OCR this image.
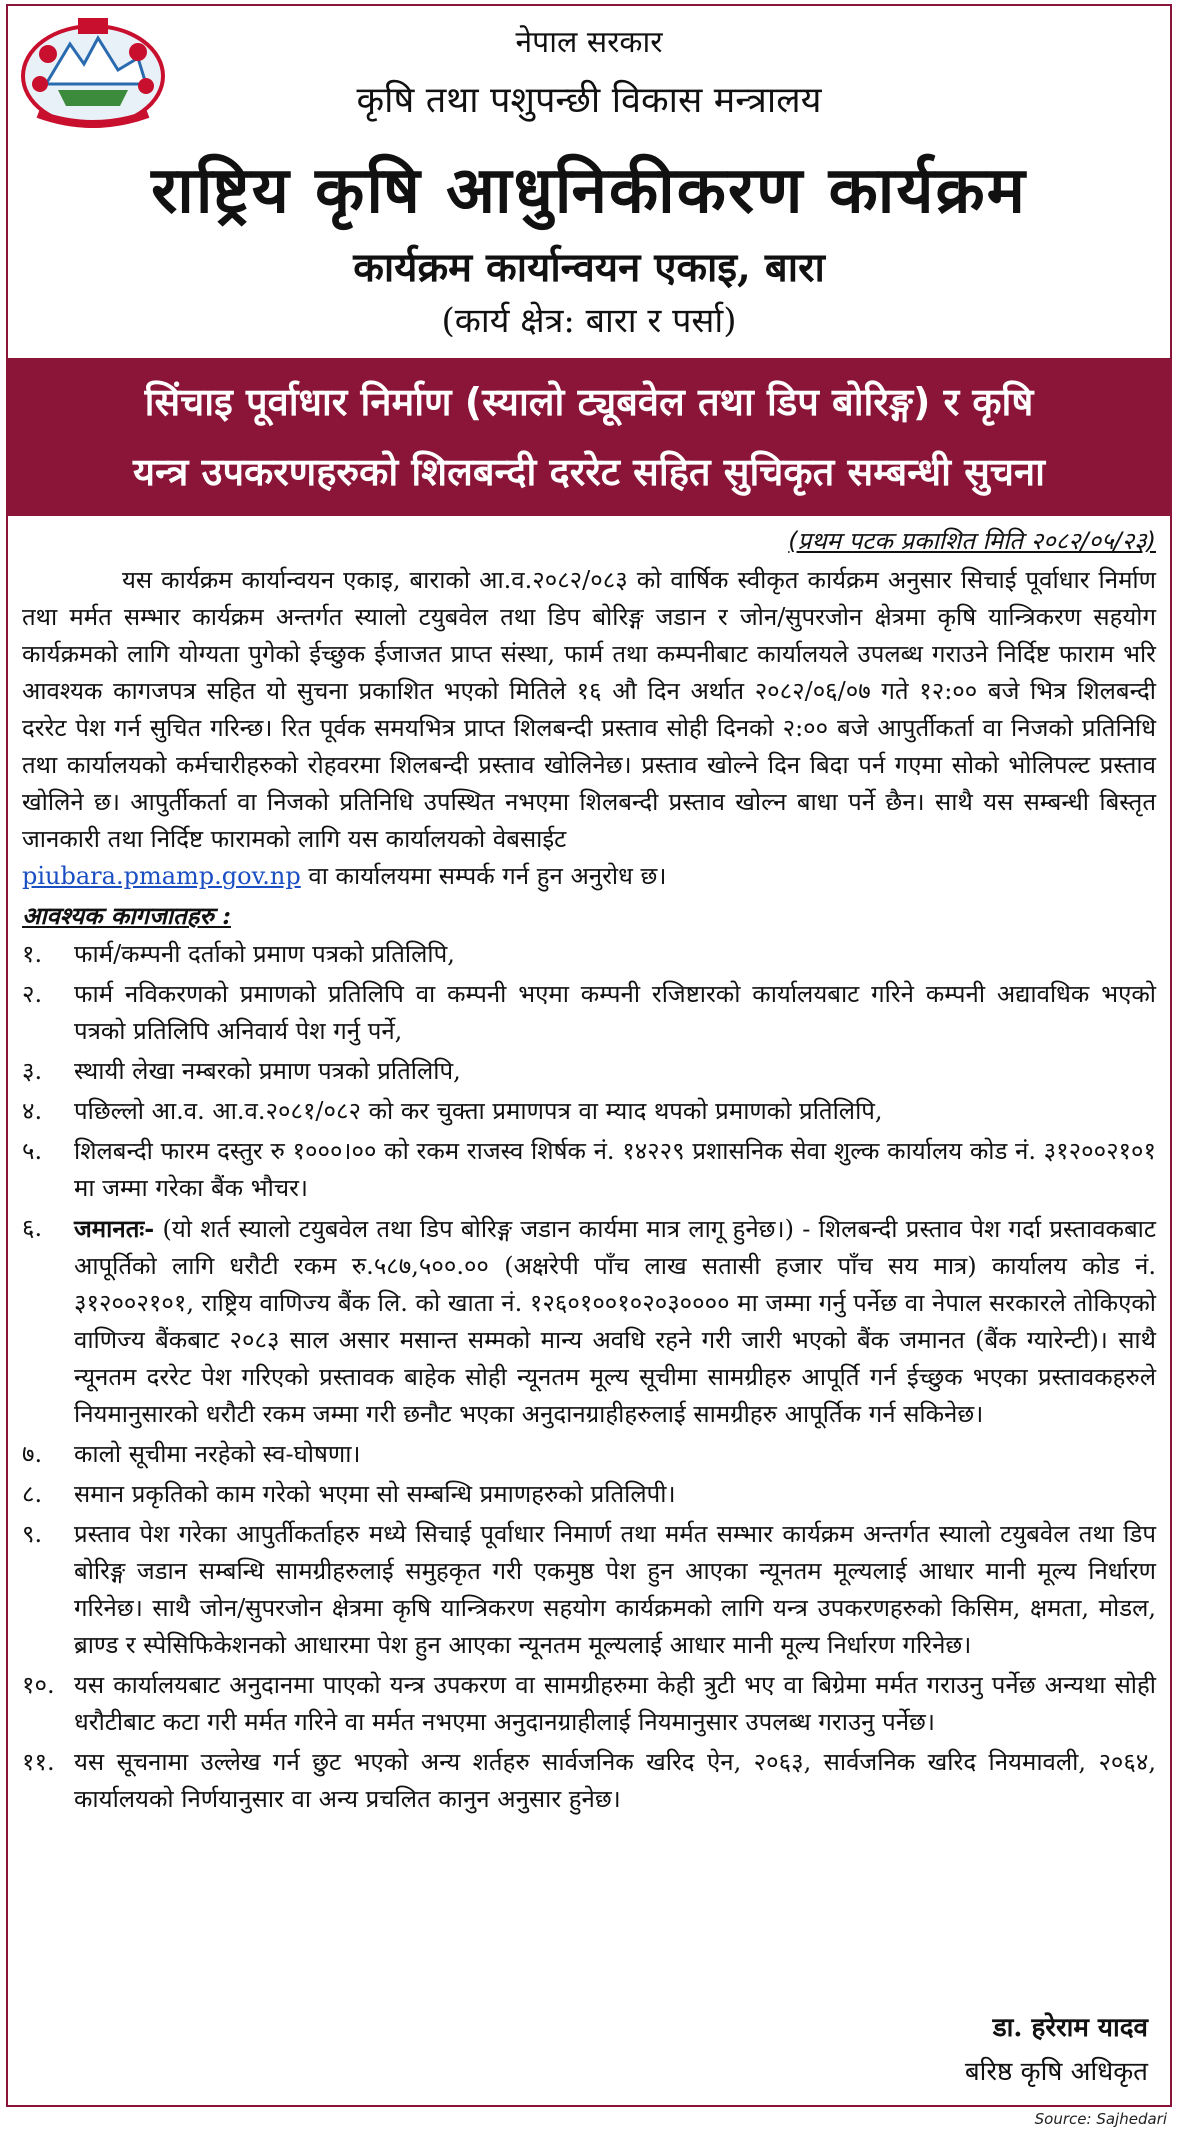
नेपाल सरकार
कृषि तथा पशुपन्छी विकास मन्त्रालय
राष्ट्रिय कृषि आधुनिकीकरण कार्यक्रम
कार्यक्रम कार्यान्वयन एकाइ, बारा
(कार्य क्षेत्र: बारा र पर्सा)
सिंचाइ पूर्वाधार निर्माण (स्यालो ट्यूबवेल तथा डिप बोरिङ्ग) र कृषि
यन्त्र उपकरणहरुको शिलबन्दी दररेट सहित सुचिकृत सम्बन्धी सुचना
(प्रथम पटक प्रकाशित मिति २०८२/०५/२३)

यस कार्यक्रम कार्यान्वयन एकाइ, बाराको आ.व.२०८२/०८३ को वार्षिक स्वीकृत कार्यक्रम अनुसार सिचाई पूर्वाधार निर्माण तथा मर्मत सम्भार कार्यक्रम अन्तर्गत स्यालो टयुबवेल तथा डिप बोरिङ्ग जडान र जोन/सुपरजोन क्षेत्रमा कृषि यान्त्रिकरण सहयोग कार्यक्रमको लागि योग्यता पुगेको ईच्छुक ईजाजत प्राप्त संस्था, फार्म तथा कम्पनीबाट कार्यालयले उपलब्ध गराउने निर्दिष्ट फाराम भरि आवश्यक कागजपत्र सहित यो सुचना प्रकाशित भएको मितिले १६ औ दिन अर्थात २०८२/०६/०७ गते १२:०० बजे भित्र शिलबन्दी दररेट पेश गर्न सुचित गरिन्छ। रित पूर्वक समयभित्र प्राप्त शिलबन्दी प्रस्ताव सोही दिनको २:०० बजे आपुर्तीकर्ता वा निजको प्रतिनिधि तथा कार्यालयको कर्मचारीहरुको रोहवरमा शिलबन्दी प्रस्ताव खोलिनेछ। प्रस्ताव खोल्ने दिन बिदा पर्न गएमा सोको भोलिपल्ट प्रस्ताव खोलिने छ। आपुर्तीकर्ता वा निजको प्रतिनिधि उपस्थित नभएमा शिलबन्दी प्रस्ताव खोल्न बाधा पर्ने छैन। साथै यस सम्बन्धी बिस्तृत जानकारी तथा निर्दिष्ट फारामको लागि यस कार्यालयको वेबसाईट
piubara.pmamp.gov.np वा कार्यालयमा सम्पर्क गर्न हुन अनुरोध छ।

आवश्यक कागजातहरु :
१.	फार्म/कम्पनी दर्ताको प्रमाण पत्रको प्रतिलिपि,
२.	फार्म नविकरणको प्रमाणको प्रतिलिपि वा कम्पनी भएमा कम्पनी रजिष्टारको कार्यालयबाट गरिने कम्पनी अद्यावधिक भएको पत्रको प्रतिलिपि अनिवार्य पेश गर्नु पर्ने,
३.	स्थायी लेखा नम्बरको प्रमाण पत्रको प्रतिलिपि,
४.	पछिल्लो आ.व. आ.व.२०८१/०८२ को कर चुक्ता प्रमाणपत्र वा म्याद थपको प्रमाणको प्रतिलिपि,
५.	शिलबन्दी फारम दस्तुर रु १०००।०० को रकम राजस्व शिर्षक नं. १४२२९ प्रशासनिक सेवा शुल्क कार्यालय कोड नं. ३१२००२१०१ मा जम्मा गरेका बैंक भौचर।
६.	जमानतः- (यो शर्त स्यालो टयुबवेल तथा डिप बोरिङ्ग जडान कार्यमा मात्र लागू हुनेछ।) - शिलबन्दी प्रस्ताव पेश गर्दा प्रस्तावकबाट आपूर्तिको लागि धरौटी रकम रु.५८७,५००.०० (अक्षरेपी पाँच लाख सतासी हजार पाँच सय मात्र) कार्यालय कोड नं. ३१२००२१०१, राष्ट्रिय वाणिज्य बैंक लि. को खाता नं. १२६०१००१०२०३०००० मा जम्मा गर्नु पर्नेछ वा नेपाल सरकारले तोकिएको वाणिज्य बैंकबाट २०८३ साल असार मसान्त सम्मको मान्य अवधि रहने गरी जारी भएको बैंक जमानत (बैंक ग्यारेन्टी)। साथै न्यूनतम दररेट पेश गरिएको प्रस्तावक बाहेक सोही न्यूनतम मूल्य सूचीमा सामग्रीहरु आपूर्ति गर्न ईच्छुक भएका प्रस्तावकहरुले नियमानुसारको धरौटी रकम जम्मा गरी छनौट भएका अनुदानग्राहीहरुलाई सामग्रीहरु आपूर्तिक गर्न सकिनेछ।
७.	कालो सूचीमा नरहेको स्व-घोषणा।
८.	समान प्रकृतिको काम गरेको भएमा सो सम्बन्धि प्रमाणहरुको प्रतिलिपी।
९.	प्रस्ताव पेश गरेका आपुर्तीकर्ताहरु मध्ये सिचाई पूर्वाधार निमार्ण तथा मर्मत सम्भार कार्यक्रम अन्तर्गत स्यालो टयुबवेल तथा डिप बोरिङ्ग जडान सम्बन्धि सामग्रीहरुलाई समुहकृत गरी एकमुष्ठ पेश हुन आएका न्यूनतम मूल्यलाई आधार मानी मूल्य निर्धारण गरिनेछ। साथै जोन/सुपरजोन क्षेत्रमा कृषि यान्त्रिकरण सहयोग कार्यक्रमको लागि यन्त्र उपकरणहरुको किसिम, क्षमता, मोडल, ब्राण्ड र स्पेसिफिकेशनको आधारमा पेश हुन आएका न्यूनतम मूल्यलाई आधार मानी मूल्य निर्धारण गरिनेछ।
१०. यस कार्यालयबाट अनुदानमा पाएको यन्त्र उपकरण वा सामग्रीहरुमा केही त्रुटी भए वा बिग्रेमा मर्मत गराउनु पर्नेछ अन्यथा सोही धरौटीबाट कटा गरी मर्मत गरिने वा मर्मत नभएमा अनुदानग्राहीलाई नियमानुसार उपलब्ध गराउनु पर्नेछ।
११. यस सूचनामा उल्लेख गर्न छुट भएको अन्य शर्तहरु सार्वजनिक खरिद ऐन, २०६३, सार्वजनिक खरिद नियमावली, २०६४, कार्यालयको निर्णयानुसार वा अन्य प्रचलित कानुन अनुसार हुनेछ।
डा. हरेराम यादव
बरिष्ठ कृषि अधिकृत
Source: Sajhedari
